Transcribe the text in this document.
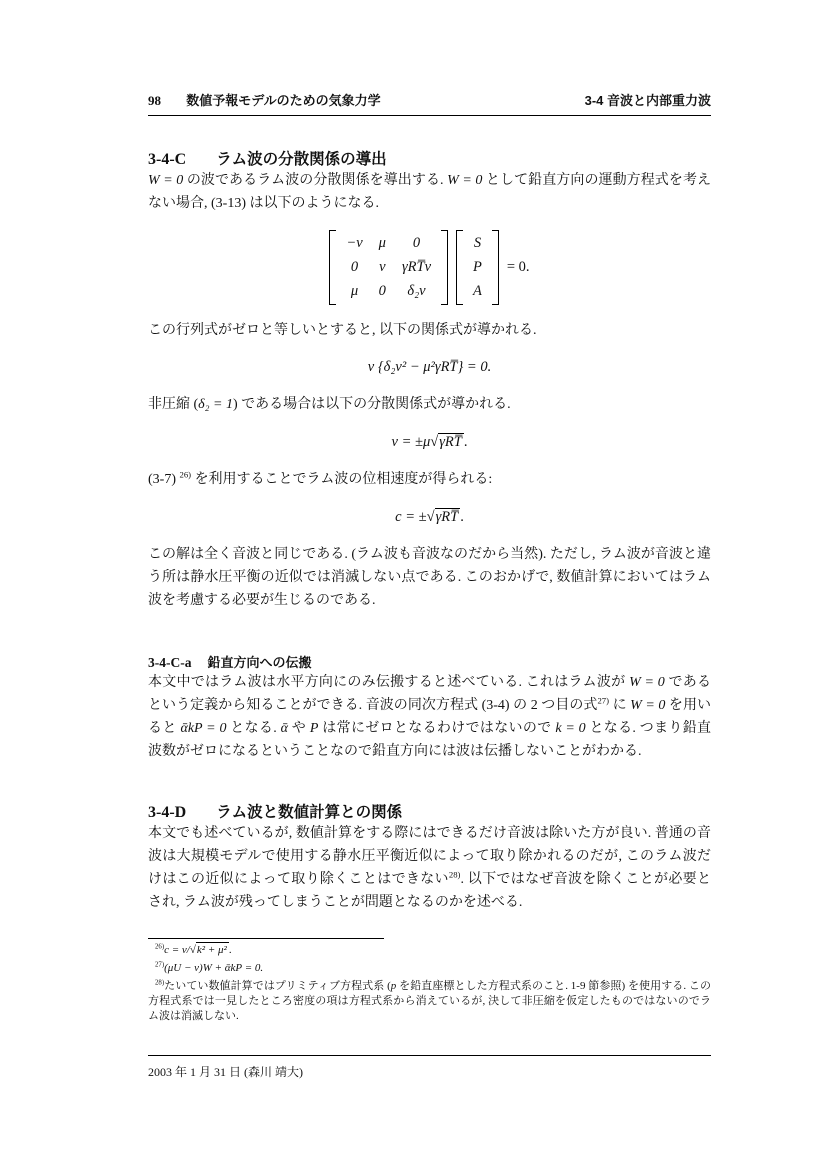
98 数値予報モデルのための気象力学	3-4 音波と内部重力波
3-4-C ラム波の分散関係の導出

W = 0 の波であるラム波の分散関係を導出する. W = 0 として鉛直方向の運動方程式を考えない場合, (3-13) は以下のようになる.

−ν μ 0
0 ν γRT̅ν
μ 0 δ₂ν
S
P
A
= 0.

この行列式がゼロと等しいとすると, 以下の関係式が導かれる.

ν {δ₂ν² − μ²γRT̅} = 0.

非圧縮 (δ₂ = 1) である場合は以下の分散関係式が導かれる.

ν = ±μ √ γRT̅ .

(3-7) $^{26)}$ を利用することでラム波の位相速度が得られる:

c = ± √ γRT̅ .

この解は全く音波と同じである. (ラム波も音波なのだから当然). ただし, ラム波が音波と違う所は静水圧平衡の近似では消滅しない点である. このおかげで, 数値計算においてはラム波を考慮する必要が生じるのである.

3-4-C-a 鉛直方向への伝搬

本文中ではラム波は水平方向にのみ伝搬すると述べている. これはラム波が W = 0 であるという定義から知ることができる. 音波の同次方程式 (3-4) の 2 つ目の式$^{27)}$ に W = 0 を用いると ᾱkP = 0 となる. ᾱ や P は常にゼロとなるわけではないので k = 0 となる. つまり鉛直波数がゼロになるということなので鉛直方向には波は伝播しないことがわかる.

3-4-D ラム波と数値計算との関係

本文でも述べているが, 数値計算をする際にはできるだけ音波は除いた方が良い. 普通の音波は大規模モデルで使用する静水圧平衡近似によって取り除かれるのだが, このラム波だけはこの近似によって取り除くことはできない$^{28)}$. 以下ではなぜ音波を除くことが必要とされ, ラム波が残ってしまうことが問題となるのかを述べる.

$^{26)}$c = ν/ √ k² + μ² .
$^{27)}$(μU − ν)W + ᾱkP = 0.
$^{28)}$たいてい数値計算ではプリミティブ方程式系 (p を鉛直座標とした方程式系のこと. 1-9 節参照) を使用する. この方程式系では一見したところ密度の項は方程式系から消えているが, 決して非圧縮を仮定したものではないのでラム波は消滅しない.
2003 年 1 月 31 日 (森川 靖大)
